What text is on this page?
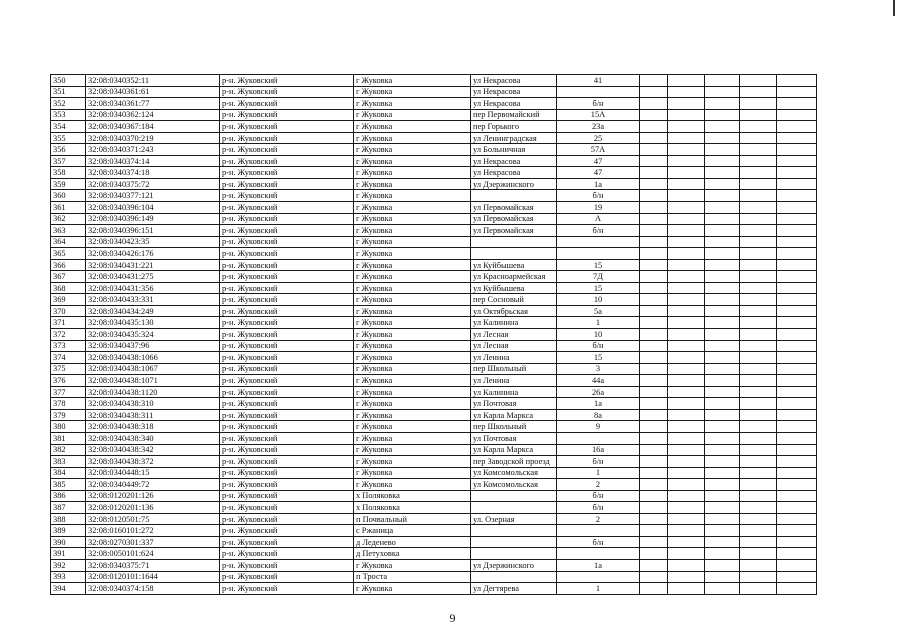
350	32:08:0340352:11	р-н. Жуковский	г Жуковка	ул Некрасова	41					
351	32:08:0340361:61	р-н. Жуковский	г Жуковка	ул Некрасова						
352	32:08:0340361:77	р-н. Жуковский	г Жуковка	ул Некрасова	б/н					
353	32:08:0340362:124	р-н. Жуковский	г Жуковка	пер Первомайский	15А					
354	32:08:0340367:184	р-н. Жуковский	г Жуковка	пер Горького	23а					
355	32:08:0340370:219	р-н. Жуковский	г Жуковка	ул Ленинградская	25					
356	32:08:0340371:243	р-н. Жуковский	г Жуковка	ул Больничная	57А					
357	32:08:0340374:14	р-н. Жуковский	г Жуковка	ул Некрасова	47					
358	32:08:0340374:18	р-н. Жуковский	г Жуковка	ул Некрасова	47					
359	32:08:0340375:72	р-н. Жуковский	г Жуковка	ул Дзержинского	1а					
360	32:08:0340377:121	р-н. Жуковский	г Жуковка		б/н					
361	32:08:0340396:104	р-н. Жуковский	г Жуковка	ул Первомайская	19					
362	32:08:0340396:149	р-н. Жуковский	г Жуковка	ул Первомайская	А					
363	32:08:0340396:151	р-н. Жуковский	г Жуковка	ул Первомайская	б/н					
364	32:08:0340423:35	р-н. Жуковский	г Жуковка							
365	32:08:0340426:176	р-н. Жуковский	г Жуковка							
366	32:08:0340431:221	р-н. Жуковский	г Жуковка	ул Куйбышева	15					
367	32:08:0340431:275	р-н. Жуковский	г Жуковка	ул Красноармейская	7Д					
368	32:08:0340431:356	р-н. Жуковский	г Жуковка	ул Куйбышева	15					
369	32:08:0340433:331	р-н. Жуковский	г Жуковка	пер Сосновый	10					
370	32:08:0340434:249	р-н. Жуковский	г Жуковка	ул Октябрьская	5а					
371	32:08:0340435:130	р-н. Жуковский	г Жуковка	ул Калинина	1					
372	32:08:0340435:324	р-н. Жуковский	г Жуковка	ул Лесная	10					
373	32:08:0340437:96	р-н. Жуковский	г Жуковка	ул Лесная	б/н					
374	32:08:0340438:1066	р-н. Жуковский	г Жуковка	ул Ленина	15					
375	32:08:0340438:1067	р-н. Жуковский	г Жуковка	пер Школьный	3					
376	32:08:0340438:1071	р-н. Жуковский	г Жуковка	ул Ленина	44а					
377	32:08:0340438:1120	р-н. Жуковский	г Жуковка	ул Калинина	26а					
378	32:08:0340438:310	р-н. Жуковский	г Жуковка	ул Почтовая	1а					
379	32:08:0340438:311	р-н. Жуковский	г Жуковка	ул Карла Маркса	8а					
380	32:08:0340438:318	р-н. Жуковский	г Жуковка	пер Школьный	9					
381	32:08:0340438:340	р-н. Жуковский	г Жуковка	ул Почтовая						
382	32:08:0340438:342	р-н. Жуковский	г Жуковка	ул Карла Маркса	16а					
383	32:08:0340438:372	р-н. Жуковский	г Жуковка	пер Заводской проезд	б/н					
384	32:08:0340448:15	р-н. Жуковский	г Жуковка	ул Комсомольская	1					
385	32:08:0340449:72	р-н. Жуковский	г Жуковка	ул Комсомольская	2					
386	32:08:0120201:126	р-н. Жуковский	х Поляковка		б/н					
387	32:08:0120201:136	р-н. Жуковский	х Поляковка		б/н					
388	32:08:0120501:75	р-н. Жуковский	п Почвальный	ул. Озерная	2					
389	32:08:0160101:272	р-н. Жуковский	с Ржаница							
390	32:08:0270301:337	р-н. Жуковский	д Леденево		б/н					
391	32:08:0050101:624	р-н. Жуковский	д Петуховка							
392	32:08:0340375:71	р-н. Жуковский	г Жуковка	ул Дзержинского	1а					
393	32:08:0120101:1644	р-н. Жуковский	п Троста							
394	32:08:0340374:158	р-н. Жуковский	г Жуковка	ул Дегтярева	1					
9
